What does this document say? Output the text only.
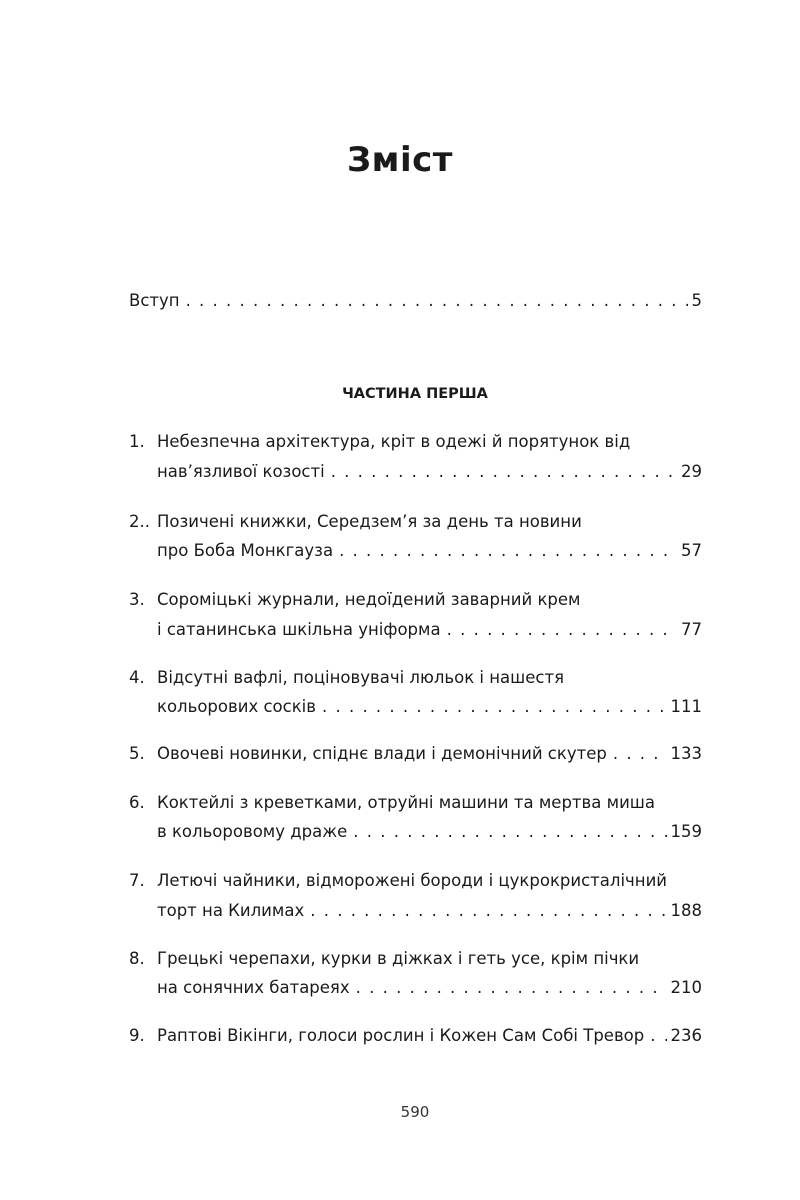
Зміст
Вступ . . .	5
ЧАСТИНА ПЕРША
1. Небезпечна архітектура, кріт в одежі й порятунок від
нав’язливої козості . . .	29
2.. Позичені книжки, Середзем’я за день та новини
про Боба Монкгауза . . .	57
3. Сороміцькі журнали, недоїдений заварний крем
і сатанинська шкільна уніформа . . .	77
4. Відсутні вафлі, поціновувачі люльок і нашестя
кольорових сосків . . .	111
5. Овочеві новинки, спіднє влади і демонічний скутер . . .	133
6. Коктейлі з креветками, отруйні машини та мертва миша
в кольоровому драже . . .	159
7. Летючі чайники, відморожені бороди і цукрокристалічний
торт на Килимах . . .	188
8. Грецькі черепахи, курки в діжках і геть усе, крім пічки
на сонячних батареях . . .	210
9. Раптові Вікінги, голоси рослин і Кожен Сам Собі Тревор . . . 236
590
